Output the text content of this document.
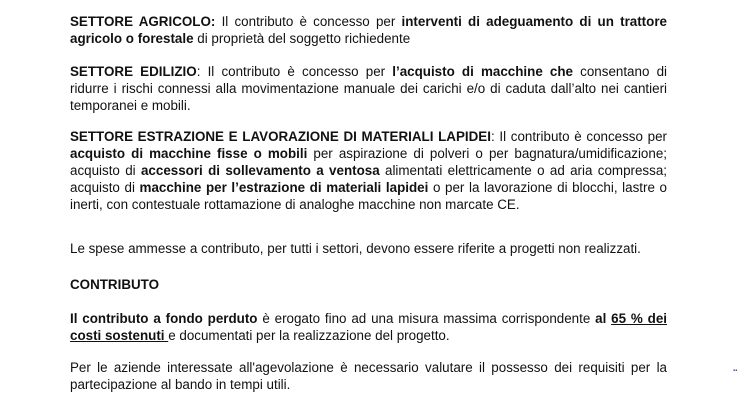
SETTORE AGRICOLO: Il contributo è concesso per interventi di adeguamento di un trattore agricolo o forestale di proprietà del soggetto richiedente

SETTORE EDILIZIO: Il contributo è concesso per l’acquisto di macchine che consentano di ridurre i rischi connessi alla movimentazione manuale dei carichi e/o di caduta dall’alto nei cantieri temporanei e mobili.

SETTORE ESTRAZIONE E LAVORAZIONE DI MATERIALI LAPIDEI: Il contributo è concesso per acquisto di macchine fisse o mobili per aspirazione di polveri o per bagnatura/umidificazione; acquisto di accessori di sollevamento a ventosa alimentati elettricamente o ad aria compressa; acquisto di macchine per l’estrazione di materiali lapidei o per la lavorazione di blocchi, lastre o inerti, con contestuale rottamazione di analoghe macchine non marcate CE.

Le spese ammesse a contributo, per tutti i settori, devono essere riferite a progetti non realizzati.

CONTRIBUTO

Il contributo a fondo perduto è erogato fino ad una misura massima corrispondente al 65 % dei costi sostenuti e documentati per la realizzazione del progetto.

Per le aziende interessate all'agevolazione è necessario valutare il possesso dei requisiti per la partecipazione al bando in tempi utili.

▪▪
